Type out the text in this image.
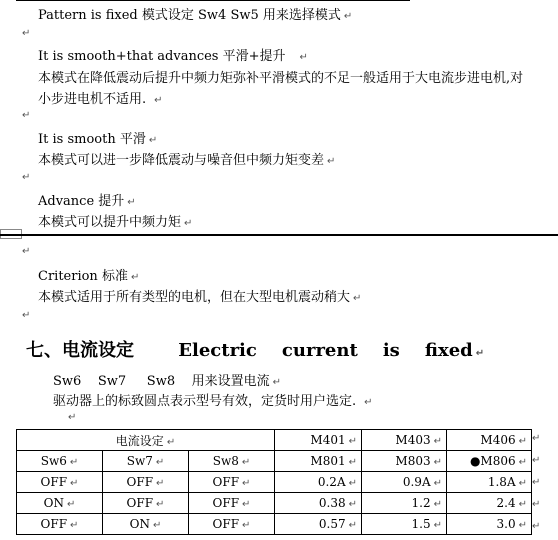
Pattern is fixed 模式设定 Sw4 Sw5 用来选择模式 ↵
↵
It is smooth+that advances 平滑+提升 ↵
本模式在降低震动后提升中频力矩弥补平滑模式的不足一般适用于大电流步进电机,对
小步进电机不适用. ↵
↵
It is smooth 平滑 ↵
本模式可以进一步降低震动与噪音但中频力矩变差 ↵
↵
Advance 提升 ↵
本模式可以提升中频力矩 ↵
↵
Criterion 标准 ↵
本模式适用于所有类型的电机，但在大型电机震动稍大 ↵
↵
七、电流设定 Electric    current    is    fixed ↵
Sw6    Sw7     Sw8    用来设置电流 ↵
驱动器上的标致圆点表示型号有效，定货时用户选定. ↵
↵
电流设定 ↵			M401 ↵	M403 ↵	M406 ↵
Sw6 ↵	Sw7 ↵	Sw8 ↵	M801 ↵	M803 ↵	●M806 ↵
OFF ↵	OFF ↵	OFF ↵	0.2A ↵	0.9A ↵	1.8A ↵
ON ↵	OFF ↵	OFF ↵	0.38 ↵	1.2 ↵	2.4 ↵
OFF ↵	ON ↵	OFF ↵	0.57 ↵	1.5 ↵	3.0 ↵
↵
↵
↵
↵
↵
